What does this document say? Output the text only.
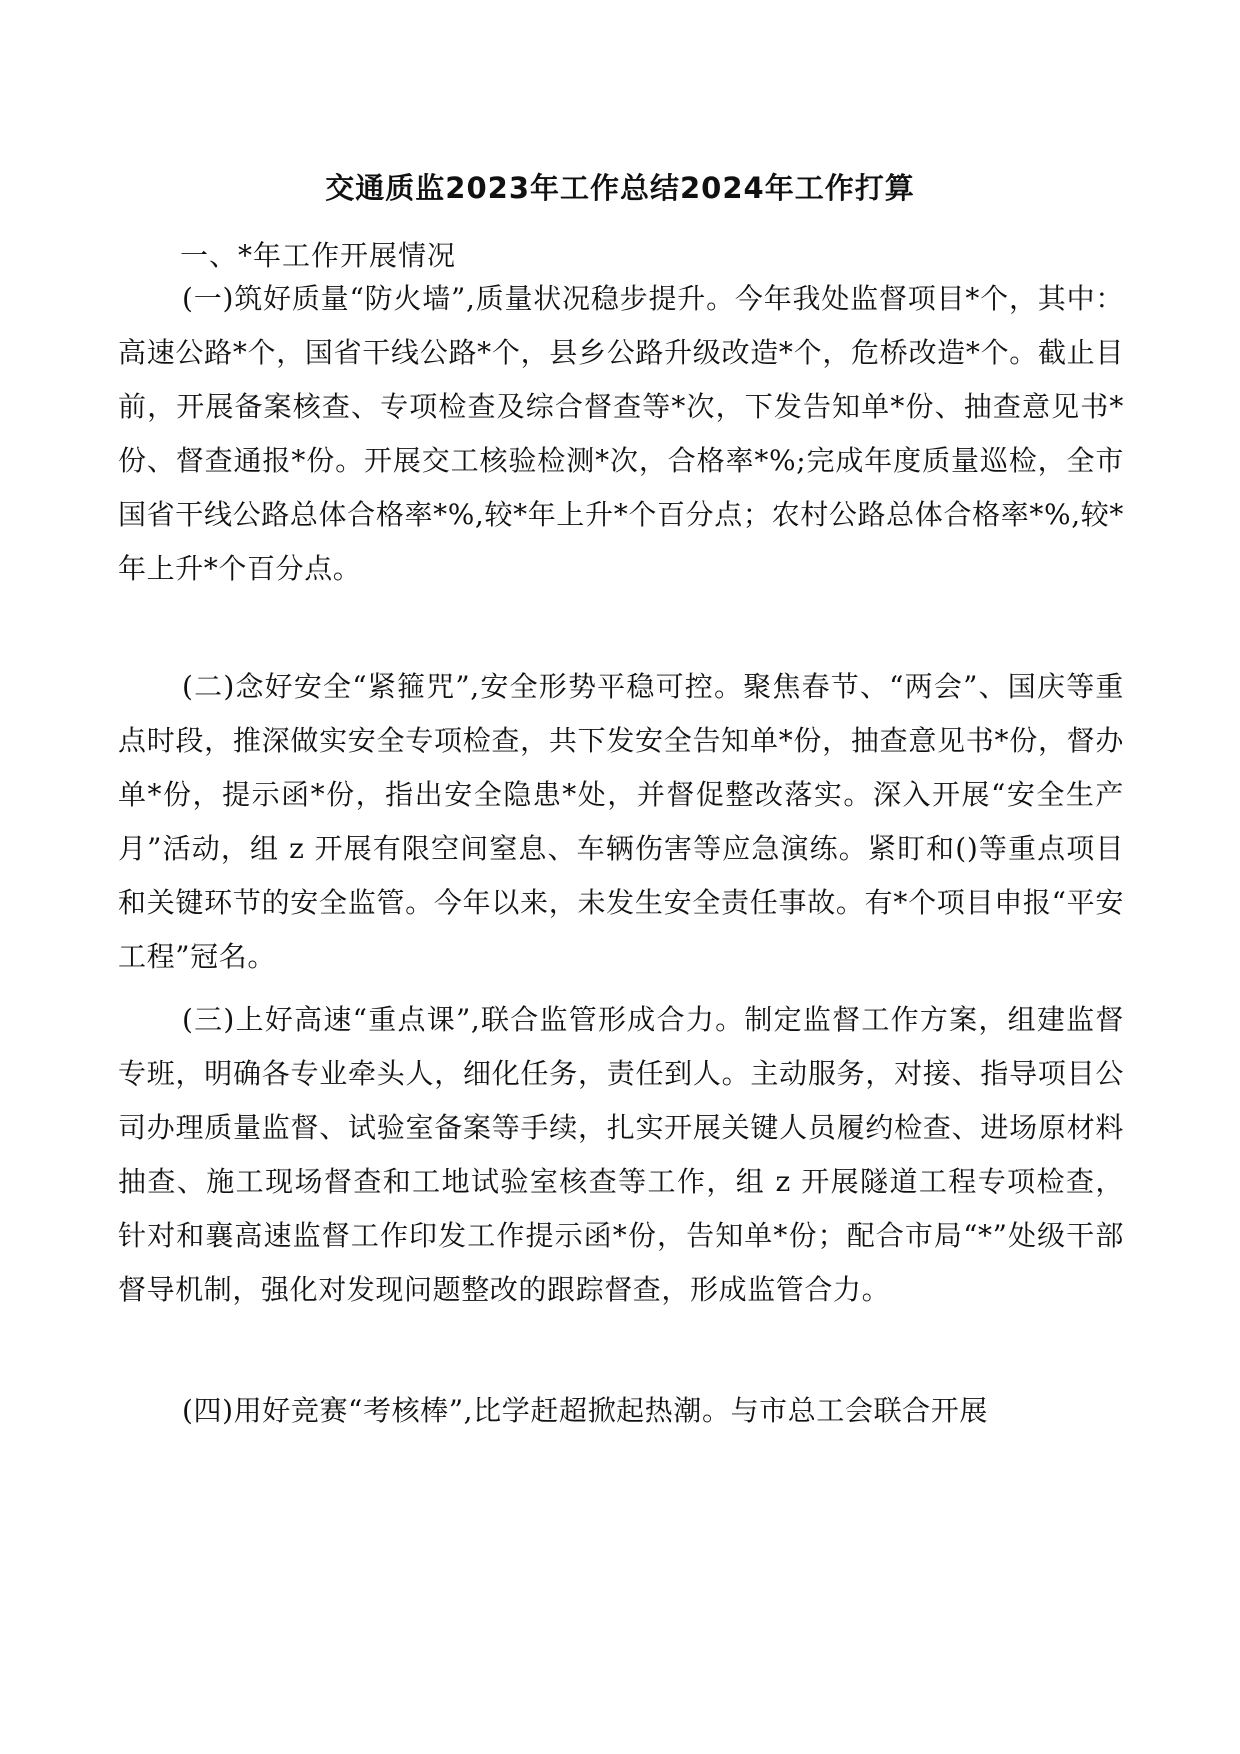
交通质监2023年工作总结2024年工作打算

一、*年工作开展情况

(一)筑好质量“防火墙”,质量状况稳步提升。今年我处监督项目*个，其中：高速公路*个，国省干线公路*个，县乡公路升级改造*个，危桥改造*个。截止目前，开展备案核查、专项检查及综合督查等*次，下发告知单*份、抽查意见书*份、督查通报*份。开展交工核验检测*次，合格率*%;完成年度质量巡检，全市国省干线公路总体合格率*%,较*年上升*个百分点；农村公路总体合格率*%,较*年上升*个百分点。

(二)念好安全“紧箍咒”,安全形势平稳可控。聚焦春节、“两会”、国庆等重点时段，推深做实安全专项检查，共下发安全告知单*份，抽查意见书*份，督办单*份，提示函*份，指出安全隐患*处，并督促整改落实。深入开展“安全生产月”活动，组 z 开展有限空间窒息、车辆伤害等应急演练。紧盯和()等重点项目和关键环节的安全监管。今年以来，未发生安全责任事故。有*个项目申报“平安工程”冠名。

(三)上好高速“重点课”,联合监管形成合力。制定监督工作方案，组建监督专班，明确各专业牵头人，细化任务，责任到人。主动服务，对接、指导项目公司办理质量监督、试验室备案等手续，扎实开展关键人员履约检查、进场原材料抽查、施工现场督查和工地试验室核查等工作，组 z 开展隧道工程专项检查，针对和襄高速监督工作印发工作提示函*份，告知单*份；配合市局“*”处级干部督导机制，强化对发现问题整改的跟踪督查，形成监管合力。

(四)用好竞赛“考核棒”,比学赶超掀起热潮。与市总工会联合开展
